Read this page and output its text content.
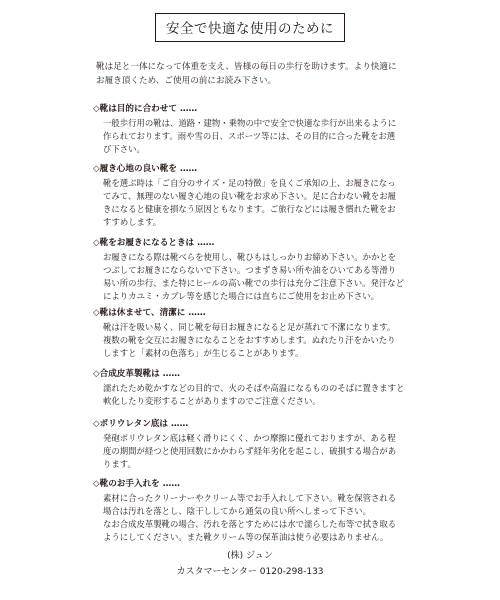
安全で快適な使用のために
靴は足と一体になって体重を支え、皆様の毎日の歩行を助けます。より快適に
お履き頂くため、ご使用の前にお読み下さい。
◇靴は目的に合わせて ……

一般歩行用の靴は、道路・建物・乗物の中で安全で快適な歩行が出来るように

作られております。雨や雪の日、スポーツ等には、その目的に合った靴をお選

び下さい。

◇履き心地の良い靴を ……

靴を選ぶ時は「ご自分のサイズ・足の特徴」を良くご承知の上、お履きになっ

てみて、無理のない履き心地の良い靴をお求め下さい。足に合わない靴をお履

きになると健康を損なう原因ともなります。ご旅行などには履き慣れた靴をお

すすめします。

◇靴をお履きになるときは ……

お履きになる際は靴べらを使用し、靴ひもはしっかりお締め下さい。かかとを

つぶしてお履きにならないで下さい。つまずき易い所や油をひいてある等滑り

易い所の歩行、また特にヒールの高い靴での歩行は充分ご注意下さい。発汗など

によりカユミ・カブレ等を感じた場合には直ちにご使用をお止め下さい。

◇靴は休ませて、清潔に ……

靴は汗を吸い易く、同じ靴を毎日お履きになると足が蒸れて不潔になります。

複数の靴を交互にお履きになることをおすすめします。ぬれたり汗をかいたり

しますと「素材の色落ち」が生じることがあります。

◇合成皮革製靴は ……

濡れたため乾かすなどの目的で、火のそばや高温になるもののそばに置きますと

軟化したり変形することがありますのでご注意ください。

◇ポリウレタン底は ……

発砲ポリウレタン底は軽く滑りにくく、かつ摩擦に優れておりますが、ある程

度の期間が経つと使用回数にかかわらず経年劣化を起こし、破損する場合があ

ります。

◇靴のお手入れを ……

素材に合ったクリーナーやクリーム等でお手入れして下さい。靴を保管される

場合は汚れを落とし、陰干ししてから通気の良い所へしまって下さい。

なお合成皮革製靴の場合、汚れを落とすためには水で濡らした布等で拭き取る

ようにしてください。また靴クリーム等の保革油は使う必要はありません。

(株) ジュン
カスタマーセンター 0120-298-133
